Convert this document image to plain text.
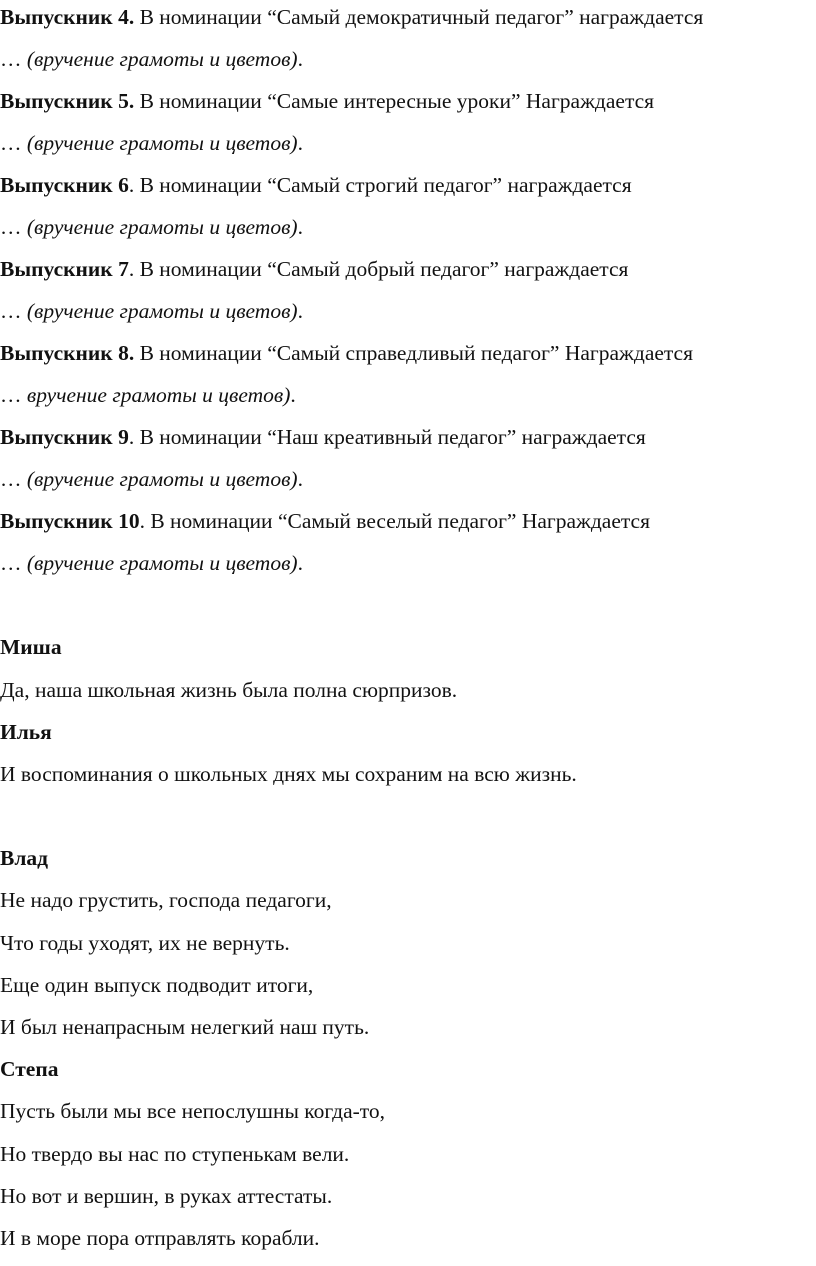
Выпускник 4. В номинации “Самый демократичный педагог” награждается
… (вручение грамоты и цветов).
Выпускник 5. В номинации “Самые интересные уроки” Награждается
… (вручение грамоты и цветов).
Выпускник 6. В номинации “Самый строгий педагог” награждается
… (вручение грамоты и цветов).
Выпускник 7. В номинации “Самый добрый педагог” награждается
… (вручение грамоты и цветов).
Выпускник 8. В номинации “Самый справедливый педагог” Награждается
… вручение грамоты и цветов).
Выпускник 9. В номинации “Наш креативный педагог” награждается
… (вручение грамоты и цветов).
Выпускник 10. В номинации “Самый веселый педагог” Награждается
… (вручение грамоты и цветов).
Миша
Да, наша школьная жизнь была полна сюрпризов.
Илья
И воспоминания о школьных днях мы сохраним на всю жизнь.
Влад
Не надо грустить, господа педагоги,
Что годы уходят, их не вернуть.
Еще один выпуск подводит итоги,
И был ненапрасным нелегкий наш путь.
Степа
Пусть были мы все непослушны когда-то,
Но твердо вы нас по ступенькам вели.
Но вот и вершин, в руках аттестаты.
И в море пора отправлять корабли.
